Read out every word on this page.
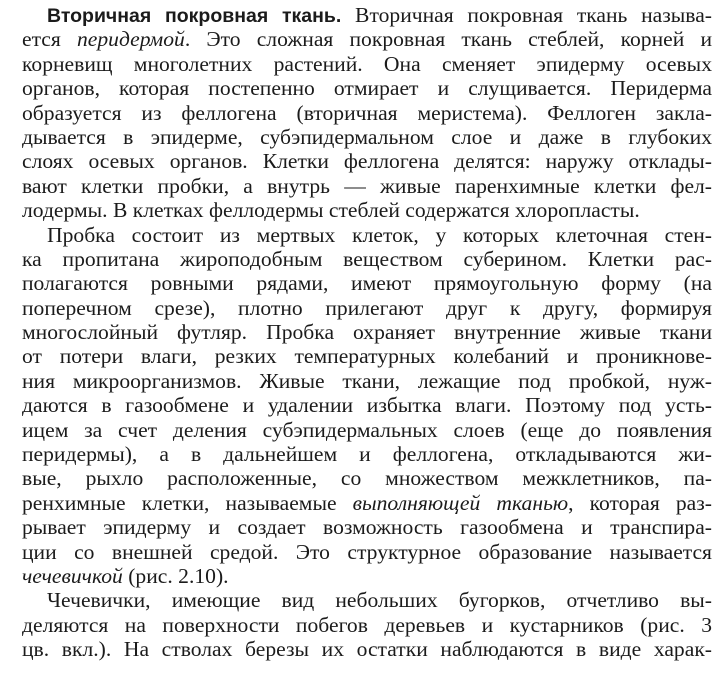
Вторичная покровная ткань. Вторичная покровная ткань называ-
ется перидермой. Это сложная покровная ткань стеблей, корней и
корневищ многолетних растений. Она сменяет эпидерму осевых
органов, которая постепенно отмирает и слущивается. Перидерма
образуется из феллогена (вторичная меристема). Феллоген закла-
дывается в эпидерме, субэпидермальном слое и даже в глубоких
слоях осевых органов. Клетки феллогена делятся: наружу отклады-
вают клетки пробки, а внутрь — живые паренхимные клетки фел-
лодермы. В клетках феллодермы стеблей содержатся хлоропласты.
Пробка состоит из мертвых клеток, у которых клеточная стен-
ка пропитана жироподобным веществом суберином. Клетки рас-
полагаются ровными рядами, имеют прямоугольную форму (на
поперечном срезе), плотно прилегают друг к другу, формируя
многослойный футляр. Пробка охраняет внутренние живые ткани
от потери влаги, резких температурных колебаний и проникнове-
ния микроорганизмов. Живые ткани, лежащие под пробкой, нуж-
даются в газообмене и удалении избытка влаги. Поэтому под усть-
ицем за счет деления субэпидермальных слоев (еще до появления
перидермы), а в дальнейшем и феллогена, откладываются жи-
вые, рыхло расположенные, со множеством межклетников, па-
ренхимные клетки, называемые выполняющей тканью, которая раз-
рывает эпидерму и создает возможность газообмена и транспира-
ции со внешней средой. Это структурное образование называется
чечевичкой (рис. 2.10).
Чечевички, имеющие вид небольших бугорков, отчетливо вы-
деляются на поверхности побегов деревьев и кустарников (рис. 3
цв. вкл.). На стволах березы их остатки наблюдаются в виде харак-
